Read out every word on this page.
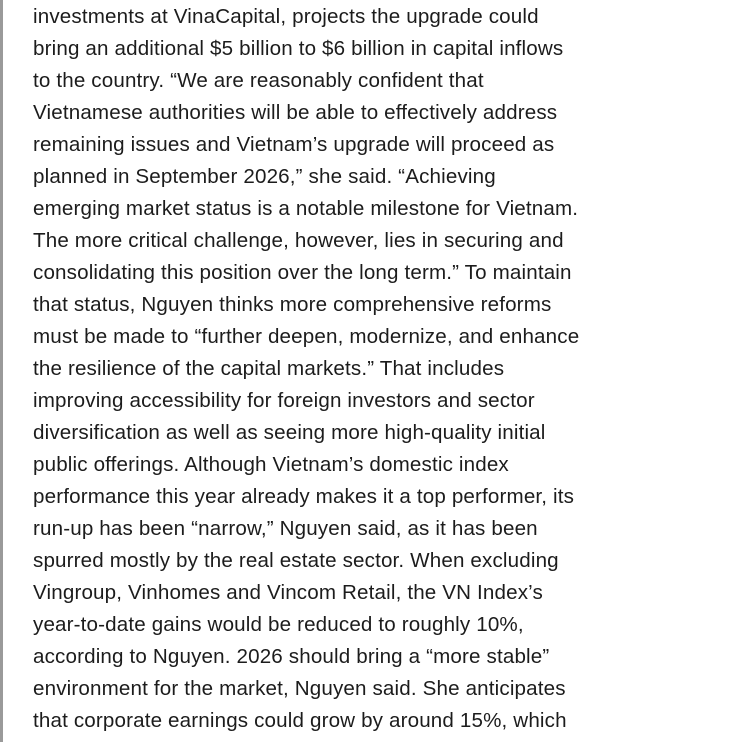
investments at VinaCapital, projects the upgrade could
bring an additional $5 billion to $6 billion in capital inflows
to the country. “We are reasonably confident that
Vietnamese authorities will be able to effectively address
remaining issues and Vietnam’s upgrade will proceed as
planned in September 2026,” she said. “Achieving
emerging market status is a notable milestone for Vietnam.
The more critical challenge, however, lies in securing and
consolidating this position over the long term.” To maintain
that status, Nguyen thinks more comprehensive reforms
must be made to “further deepen, modernize, and enhance
the resilience of the capital markets.” That includes
improving accessibility for foreign investors and sector
diversification as well as seeing more high-quality initial
public offerings. Although Vietnam’s domestic index
performance this year already makes it a top performer, its
run-up has been “narrow,” Nguyen said, as it has been
spurred mostly by the real estate sector. When excluding
Vingroup, Vinhomes and Vincom Retail, the VN Index’s
year-to-date gains would be reduced to roughly 10%,
according to Nguyen. 2026 should bring a “more stable”
environment for the market, Nguyen said. She anticipates
that corporate earnings could grow by around 15%, which
